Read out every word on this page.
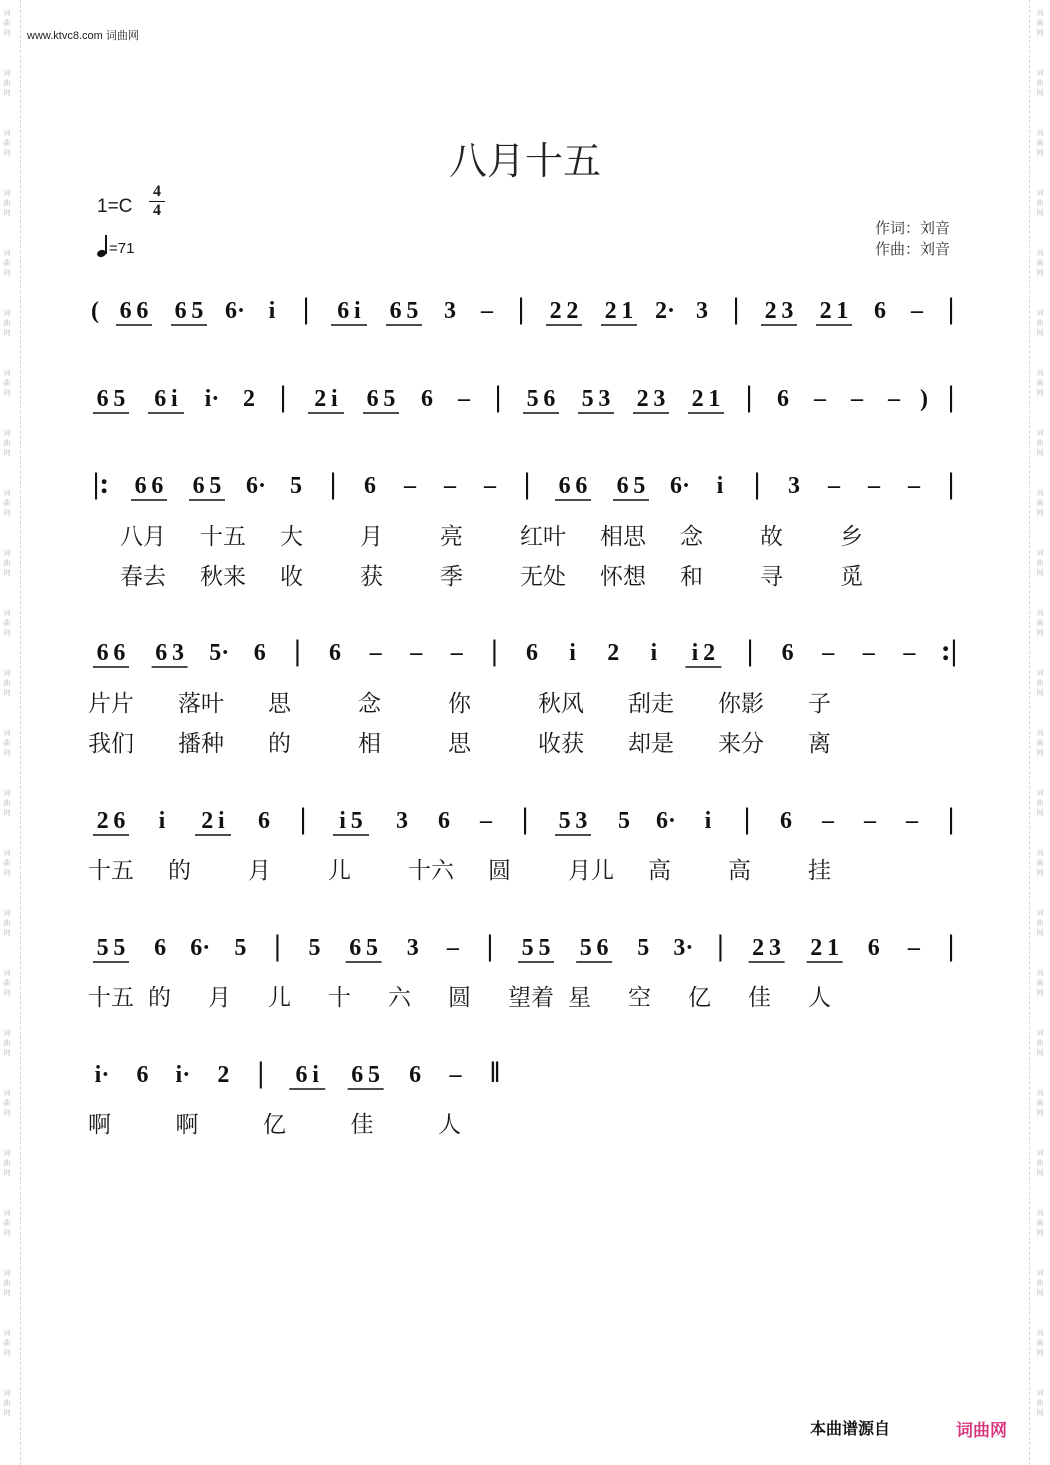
词
曲
网
词
曲
网
词
曲
网
词
曲
网
词
曲
网
词
曲
网
词
曲
网
词
曲
网
词
曲
网
词
曲
网
词
曲
网
词
曲
网
词
曲
网
词
曲
网
词
曲
网
词
曲
网
词
曲
网
词
曲
网
词
曲
网
词
曲
网
词
曲
网
词
曲
网
词
曲
网
词
曲
网
词
曲
网
词
曲
网
词
曲
网
词
曲
网
词
曲
网
词
曲
网
词
曲
网
词
曲
网
词
曲
网
词
曲
网
词
曲
网
词
曲
网
词
曲
网
词
曲
网
词
曲
网
词
曲
网
词
曲
网
词
曲
网
词
曲
网
词
曲
网
词
曲
网
词
曲
网
词
曲
网
词
曲
网
www.ktvc8.com 词曲网
八月十五
1=C
4
4
=71
作词：刘音
作曲：刘音
( 6 6 6 5 6· i | 6 i 6 5 3 – | 2 2 2 1 2· 3 | 2 3 2 1 6 – |
6 5 6 i i· 2 | 2 i 6 5 6 – | 5 6 5 3 2 3 2 1 | 6 – – – ) |
|: 6 6 6 5 6· 5 | 6 – – – | 6 6 6 5 6· i | 3 – – – |
6 6 6 3 5· 6 | 6 – – – | 6 i 2 i i 2 | 6 – – – :|
2 6 i 2 i 6 | i 5 3 6 – | 5 3 5 6· i | 6 – – – |
5 5 6 6· 5 | 5 6 5 3 – | 5 5 5 6 5 3· | 2 3 2 1 6 – |
i· 6 i· 2 | 6 i 6 5 6 – ‖
八月 十五 大 月 亮 红叶 相思 念 故 乡
春去 秋来 收 获 季 无处 怀想 和 寻 觅
片片 落叶 思	念	你	秋风 刮走 你影 子
我们 播种 的	相	思	收获 却是 来分 离
十五 的 月 儿 十六 圆 月儿 高 高 挂
十五 的 月 儿 十 六 圆 望着 星 空 亿 佳 人
啊	啊	亿	佳	人
本曲谱源自	词曲网
